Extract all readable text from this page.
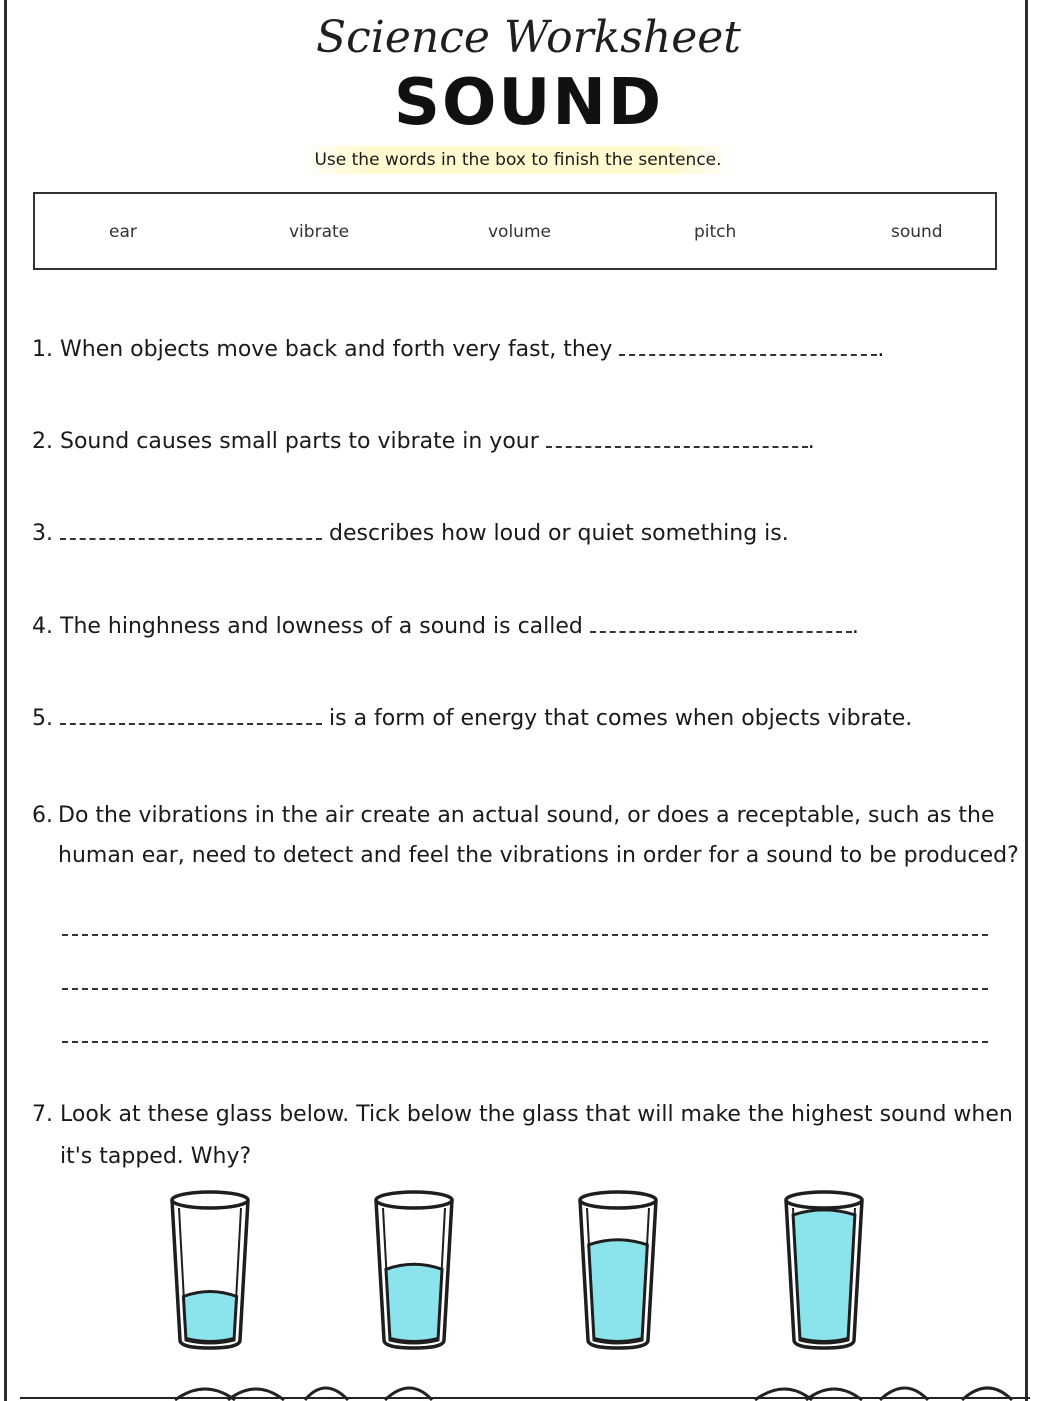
Science Worksheet
SOUND
Use the words in the box to finish the sentence.
ear	vibrate	volume	pitch	sound
1. When objects move back and forth very fast, they	.
2. Sound causes small parts to vibrate in your	.
3.	describes how loud or quiet something is.
4. The hinghness and lowness of a sound is called	.
5.	is a form of energy that comes when objects vibrate.
6. Do the vibrations in the air create an actual sound, or does a receptable, such as the human ear, need to detect and feel the vibrations in order for a sound to be produced?
7. Look at these glass below. Tick below the glass that will make the highest sound when it's tapped. Why?
